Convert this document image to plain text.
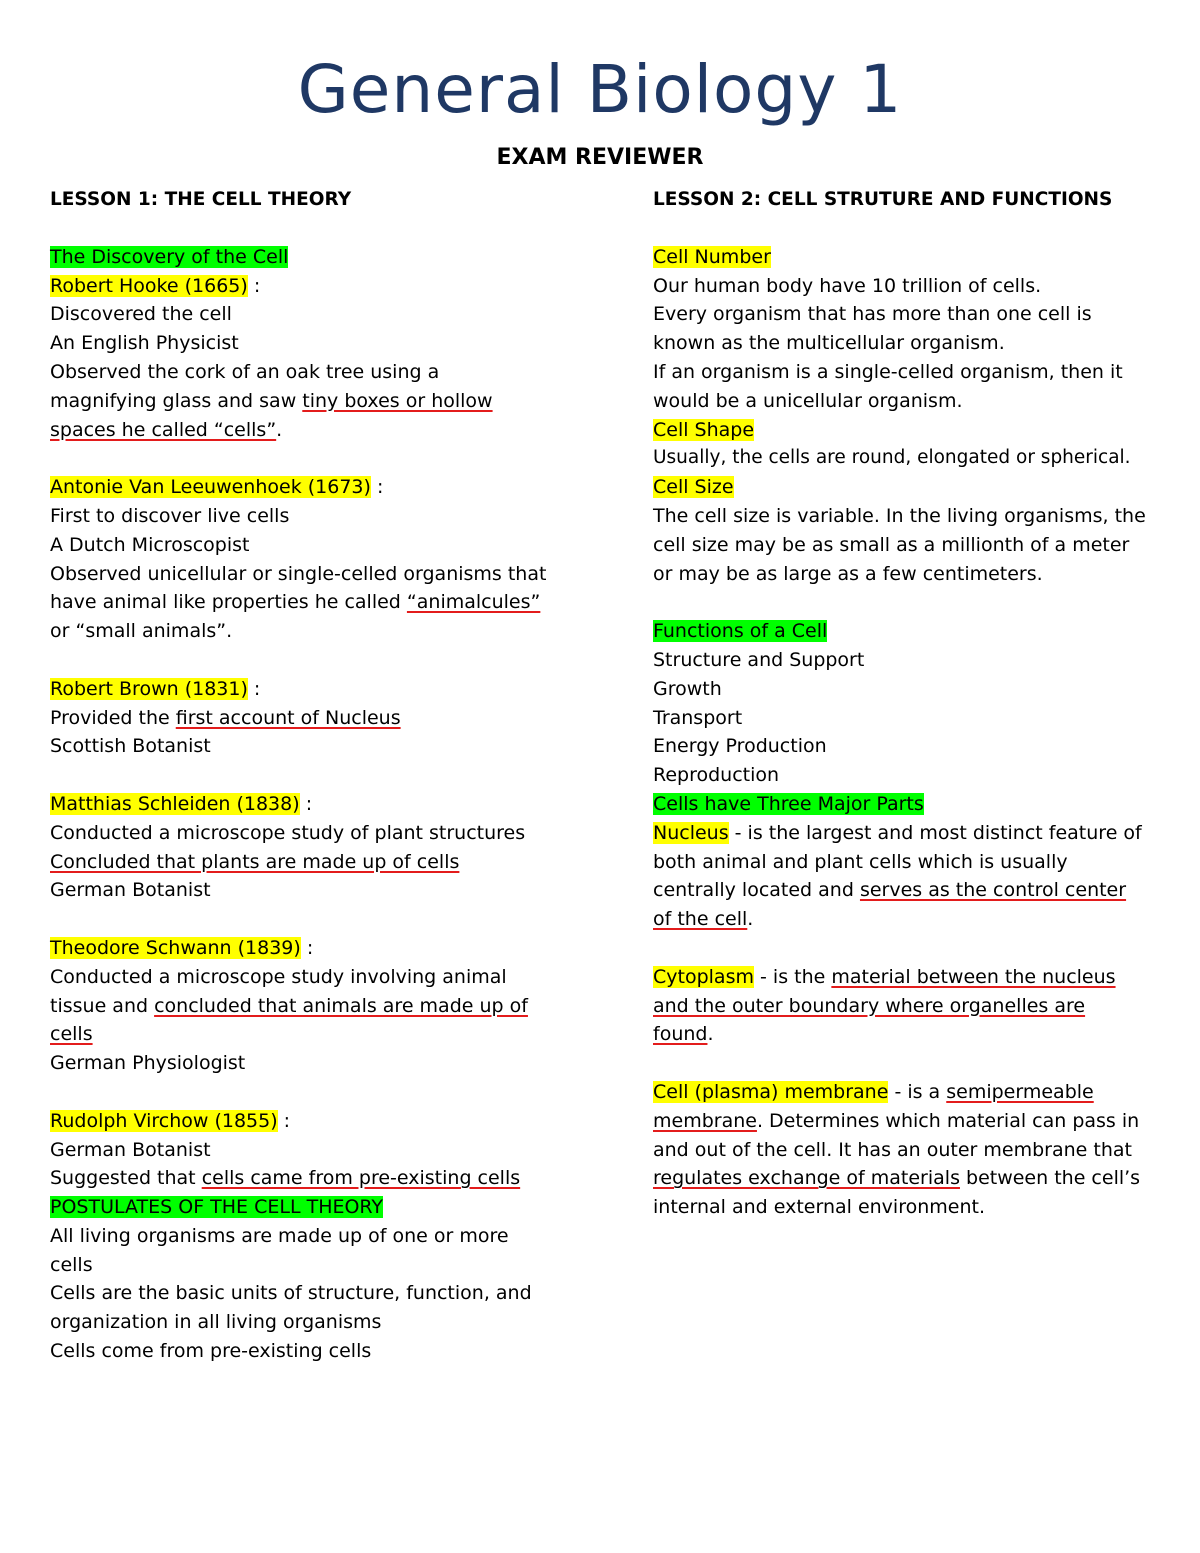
General Biology 1
EXAM REVIEWER
LESSON 1: THE CELL THEORY
The Discovery of the Cell
Robert Hooke (1665) :
Discovered the cell
An English Physicist
Observed the cork of an oak tree using a magnifying glass and saw tiny boxes or hollow spaces he called “cells”.
Antonie Van Leeuwenhoek (1673) :
First to discover live cells
A Dutch Microscopist
Observed unicellular or single-celled organisms that have animal like properties he called “animalcules” or “small animals”.
Robert Brown (1831) :
Provided the first account of Nucleus
Scottish Botanist
Matthias Schleiden (1838) :
Conducted a microscope study of plant structures
Concluded that plants are made up of cells
German Botanist
Theodore Schwann (1839) :
Conducted a microscope study involving animal tissue and concluded that animals are made up of cells
German Physiologist
Rudolph Virchow (1855) :
German Botanist
Suggested that cells came from pre-existing cells
POSTULATES OF THE CELL THEORY
All living organisms are made up of one or more cells
Cells are the basic units of structure, function, and organization in all living organisms
Cells come from pre-existing cells
LESSON 2: CELL STRUTURE AND FUNCTIONS
Cell Number
Our human body have 10 trillion of cells.
Every organism that has more than one cell is known as the multicellular organism.
If an organism is a single-celled organism, then it would be a unicellular organism.
Cell Shape
Usually, the cells are round, elongated or spherical.
Cell Size
The cell size is variable. In the living organisms, the cell size may be as small as a millionth of a meter or may be as large as a few centimeters.
Functions of a Cell
Structure and Support
Growth
Transport
Energy Production
Reproduction
Cells have Three Major Parts
Nucleus - is the largest and most distinct feature of both animal and plant cells which is usually centrally located and serves as the control center of the cell.
Cytoplasm - is the material between the nucleus and the outer boundary where organelles are found.
Cell (plasma) membrane - is a semipermeable membrane. Determines which material can pass in and out of the cell. It has an outer membrane that regulates exchange of materials between the cell’s internal and external environment.
